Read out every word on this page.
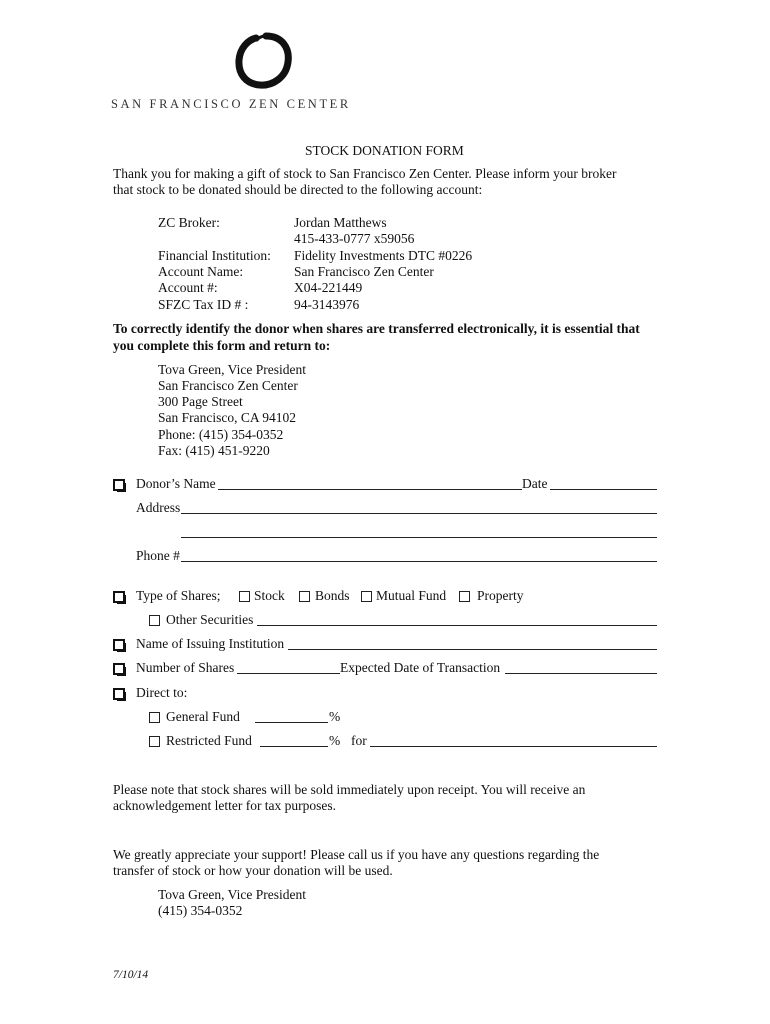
SAN FRANCISCO ZEN CENTER
STOCK DONATION FORM
Thank you for making a gift of stock to San Francisco Zen Center. Please inform your broker
that stock to be donated should be directed to the following account:
ZC Broker:	Jordan Matthews
415-433-0777 x59056
Financial Institution: Fidelity Investments DTC #0226
Account Name:	San Francisco Zen Center
Account #:	X04-221449
SFZC Tax ID # :	94-3143976
To correctly identify the donor when shares are transferred electronically, it is essential that
you complete this form and return to:
Tova Green, Vice President
San Francisco Zen Center
300 Page Street
San Francisco, CA 94102
Phone: (415) 354-0352
Fax: (415) 451-9220
Donor’s Name	Date
Address
Phone #
Type of Shares; Stock Bonds Mutual Fund Property
Other Securities
Name of Issuing Institution
Number of Shares	Expected Date of Transaction
Direct to:
General Fund	%
Restricted Fund	% for
Please note that stock shares will be sold immediately upon receipt. You will receive an
acknowledgement letter for tax purposes.
We greatly appreciate your support! Please call us if you have any questions regarding the
transfer of stock or how your donation will be used.
Tova Green, Vice President
(415) 354-0352
7/10/14
